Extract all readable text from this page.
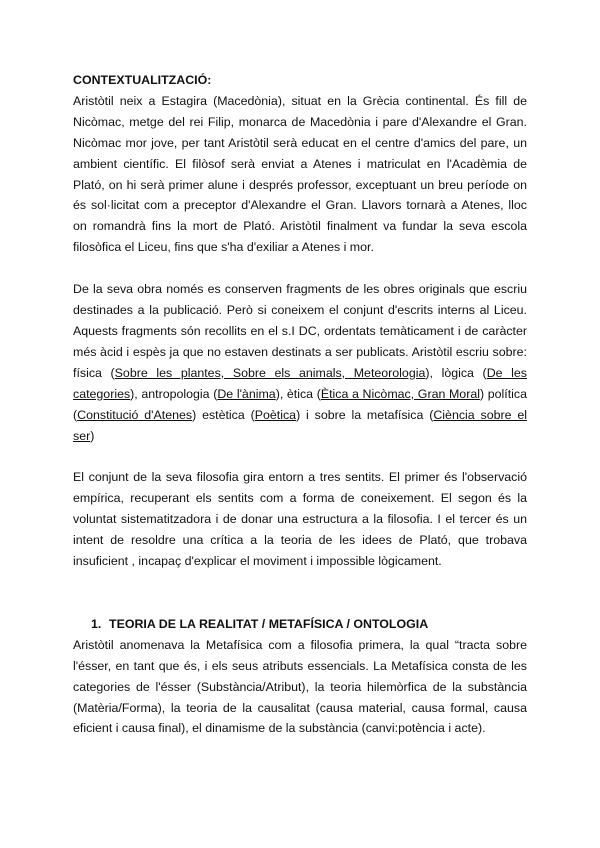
CONTEXTUALITZACIÓ:

Aristòtil neix a Estagira (Macedònia), situat en la Grècia continental. És fill de Nicòmac, metge del rei Filip, monarca de Macedònia i pare d'Alexandre el Gran. Nicòmac mor jove, per tant Aristòtil serà educat en el centre d'amics del pare, un ambient científic. El filòsof serà enviat a Atenes i matriculat en l'Acadèmia de Plató, on hi serà primer alune i després professor, exceptuant un breu període on és sol·licitat com a preceptor d'Alexandre el Gran. Llavors tornarà a Atenes, lloc on romandrà fins la mort de Plató. Aristòtil finalment va fundar la seva escola filosòfica el Liceu, fins que s'ha d'exiliar a Atenes i mor.

De la seva obra només es conserven fragments de les obres originals que escriu destinades a la publicació. Però si coneixem el conjunt d'escrits interns al Liceu. Aquests fragments són recollits en el s.I DC, ordentats temàticament i de caràcter més àcid i espès ja que no estaven destinats a ser publicats. Aristòtil escriu sobre: física (Sobre les plantes, Sobre els animals, Meteorologia), lògica (De les categories), antropologia (De l'ànima), ètica (Ètica a Nicòmac, Gran Moral) política (Constitució d'Atenes) estètica (Poètica) i sobre la metafísica (Ciència sobre el ser)

El conjunt de la seva filosofia gira entorn a tres sentits. El primer és l'observació empírica, recuperant els sentits com a forma de coneixement. El segon és la voluntat sistematitzadora i de donar una estructura a la filosofia. I el tercer és un intent de resoldre una crítica a la teoria de les idees de Plató, que trobava insuficient , incapaç d'explicar el moviment i impossible lògicament.

1. TEORIA DE LA REALITAT / METAFÍSICA / ONTOLOGIA

Aristòtil anomenava la Metafísica com a filosofia primera, la qual “tracta sobre l'ésser, en tant que és, i els seus atributs essencials. La Metafísica consta de les categories de l'ésser (Substància/Atribut), la teoria hilemòrfica de la substància (Matèria/Forma), la teoria de la causalitat (causa material, causa formal, causa eficient i causa final), el dinamisme de la substància (canvi:potència i acte).
